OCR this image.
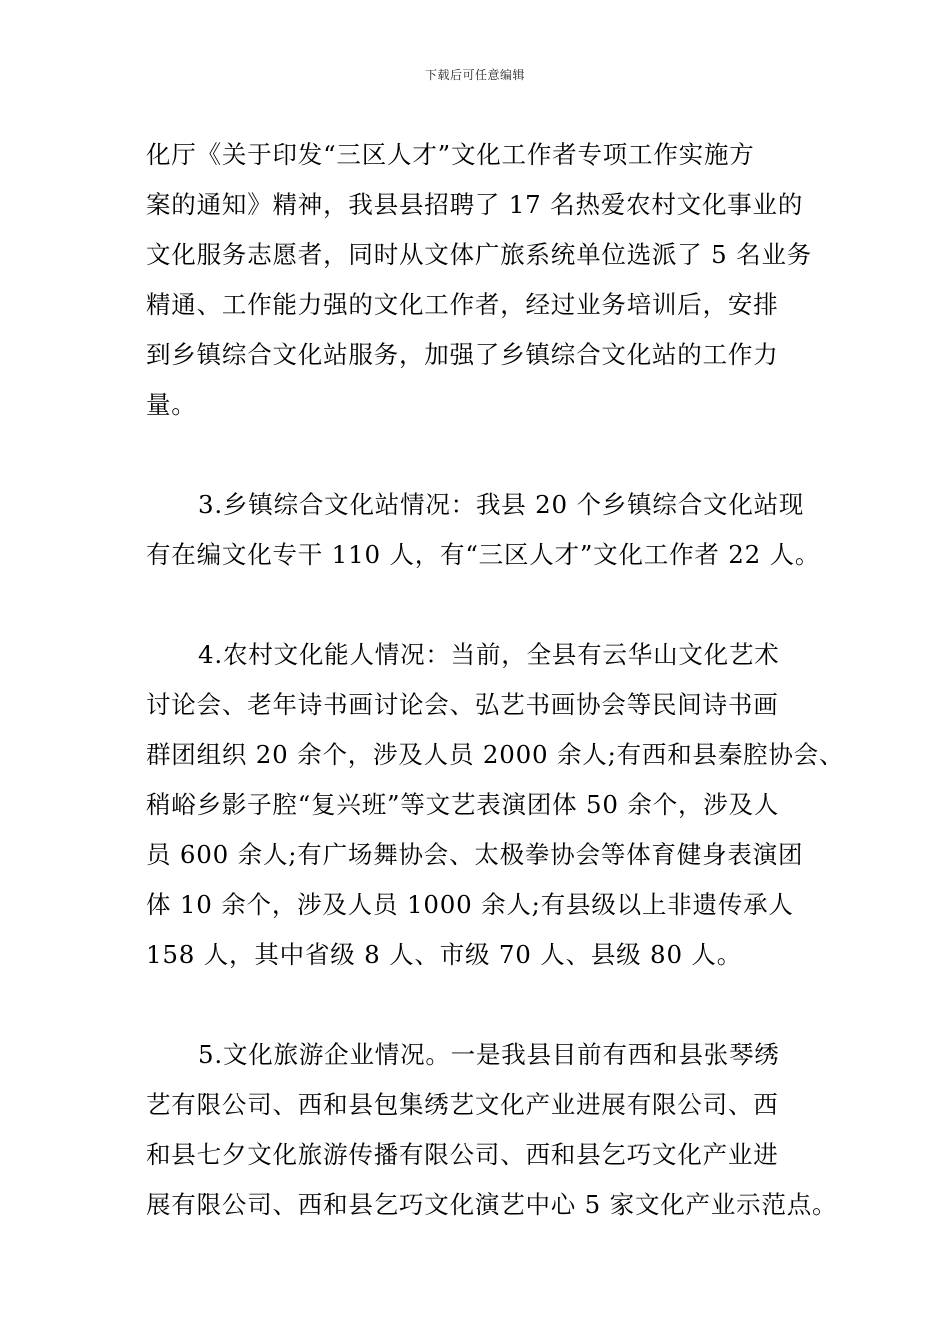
下载后可任意编辑

化厅《关于印发“三区人才”文化工作者专项工作实施方
案的通知》精神，我县县招聘了 17 名热爱农村文化事业的
文化服务志愿者，同时从文体广旅系统单位选派了 5 名业务
精通、工作能力强的文化工作者，经过业务培训后，安排
到乡镇综合文化站服务，加强了乡镇综合文化站的工作力
量。

3.乡镇综合文化站情况：我县 20 个乡镇综合文化站现
有在编文化专干 110 人，有“三区人才”文化工作者 22 人。

4.农村文化能人情况：当前，全县有云华山文化艺术
讨论会、老年诗书画讨论会、弘艺书画协会等民间诗书画
群团组织 20 余个，涉及人员 2000 余人;有西和县秦腔协会、
稍峪乡影子腔“复兴班”等文艺表演团体 50 余个，涉及人
员 600 余人;有广场舞协会、太极拳协会等体育健身表演团
体 10 余个，涉及人员 1000 余人;有县级以上非遗传承人
158 人，其中省级 8 人、市级 70 人、县级 80 人。

5.文化旅游企业情况。一是我县目前有西和县张琴绣
艺有限公司、西和县包集绣艺文化产业进展有限公司、西
和县七夕文化旅游传播有限公司、西和县乞巧文化产业进
展有限公司、西和县乞巧文化演艺中心 5 家文化产业示范点。
